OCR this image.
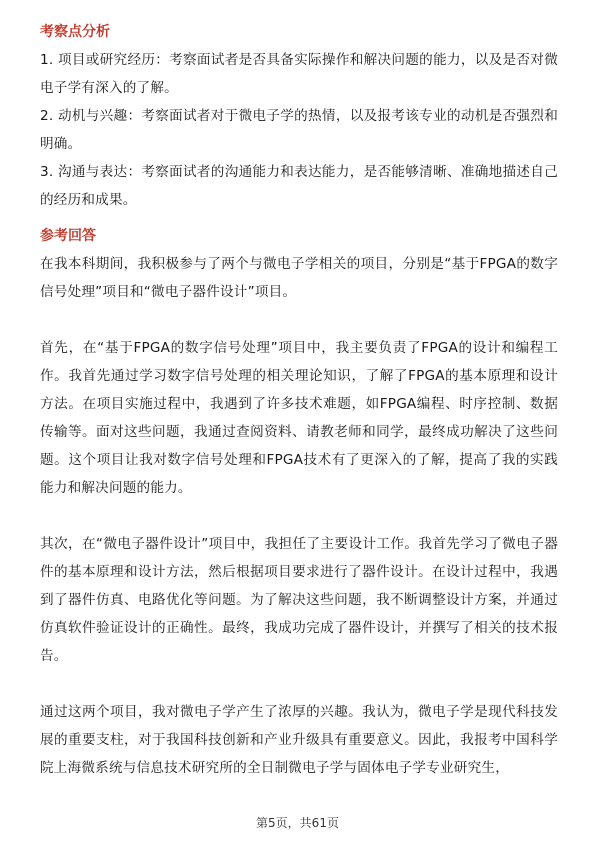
考察点分析

1. 项目或研究经历：考察面试者是否具备实际操作和解决问题的能力，以及是否对微电子学有深入的了解。

2. 动机与兴趣：考察面试者对于微电子学的热情，以及报考该专业的动机是否强烈和明确。

3. 沟通与表达：考察面试者的沟通能力和表达能力，是否能够清晰、准确地描述自己的经历和成果。

参考回答

在我本科期间，我积极参与了两个与微电子学相关的项目，分别是“基于FPGA的数字信号处理”项目和“微电子器件设计”项目。

首先，在“基于FPGA的数字信号处理”项目中，我主要负责了FPGA的设计和编程工作。我首先通过学习数字信号处理的相关理论知识，了解了FPGA的基本原理和设计方法。在项目实施过程中，我遇到了许多技术难题，如FPGA编程、时序控制、数据传输等。面对这些问题，我通过查阅资料、请教老师和同学，最终成功解决了这些问题。这个项目让我对数字信号处理和FPGA技术有了更深入的了解，提高了我的实践能力和解决问题的能力。

其次，在“微电子器件设计”项目中，我担任了主要设计工作。我首先学习了微电子器件的基本原理和设计方法，然后根据项目要求进行了器件设计。在设计过程中，我遇到了器件仿真、电路优化等问题。为了解决这些问题，我不断调整设计方案，并通过仿真软件验证设计的正确性。最终，我成功完成了器件设计，并撰写了相关的技术报告。

通过这两个项目，我对微电子学产生了浓厚的兴趣。我认为，微电子学是现代科技发展的重要支柱，对于我国科技创新和产业升级具有重要意义。因此，我报考中国科学院上海微系统与信息技术研究所的全日制微电子学与固体电子学专业研究生，

第5页，共61页
